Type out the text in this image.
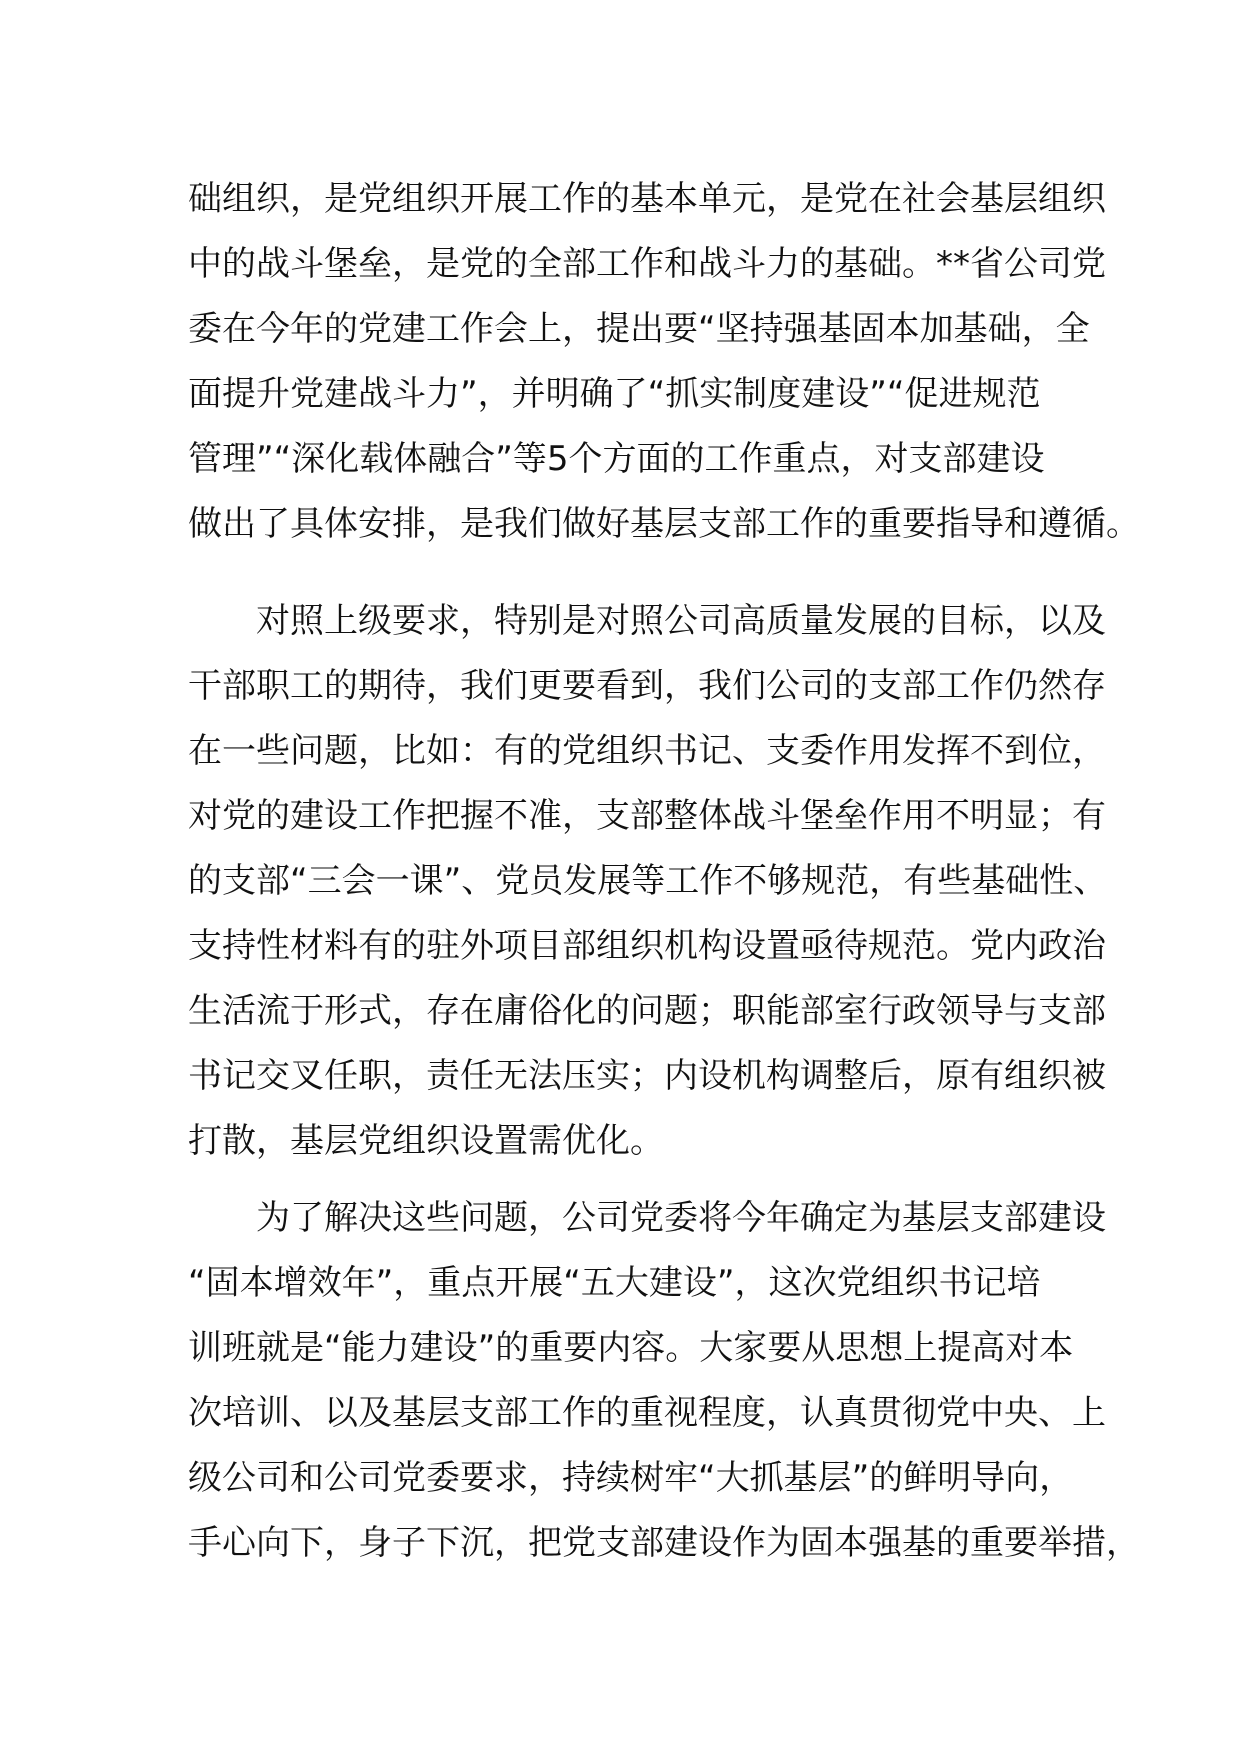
础组织，是党组织开展工作的基本单元，是党在社会基层组织
中的战斗堡垒，是党的全部工作和战斗力的基础。**省公司党
委在今年的党建工作会上，提出要“坚持强基固本加基础，全
面提升党建战斗力”，并明确了“抓实制度建设”“促进规范
管理”“深化载体融合”等5个方面的工作重点，对支部建设
做出了具体安排，是我们做好基层支部工作的重要指导和遵循。
　　对照上级要求，特别是对照公司高质量发展的目标，以及
干部职工的期待，我们更要看到，我们公司的支部工作仍然存
在一些问题，比如：有的党组织书记、支委作用发挥不到位，
对党的建设工作把握不准，支部整体战斗堡垒作用不明显；有
的支部“三会一课”、党员发展等工作不够规范，有些基础性、
支持性材料有的驻外项目部组织机构设置亟待规范。党内政治
生活流于形式，存在庸俗化的问题；职能部室行政领导与支部
书记交叉任职，责任无法压实；内设机构调整后，原有组织被
打散，基层党组织设置需优化。
　　为了解决这些问题，公司党委将今年确定为基层支部建设
“固本增效年”，重点开展“五大建设”，这次党组织书记培
训班就是“能力建设”的重要内容。大家要从思想上提高对本
次培训、以及基层支部工作的重视程度，认真贯彻党中央、上
级公司和公司党委要求，持续树牢“大抓基层”的鲜明导向，
手心向下，身子下沉，把党支部建设作为固本强基的重要举措，
